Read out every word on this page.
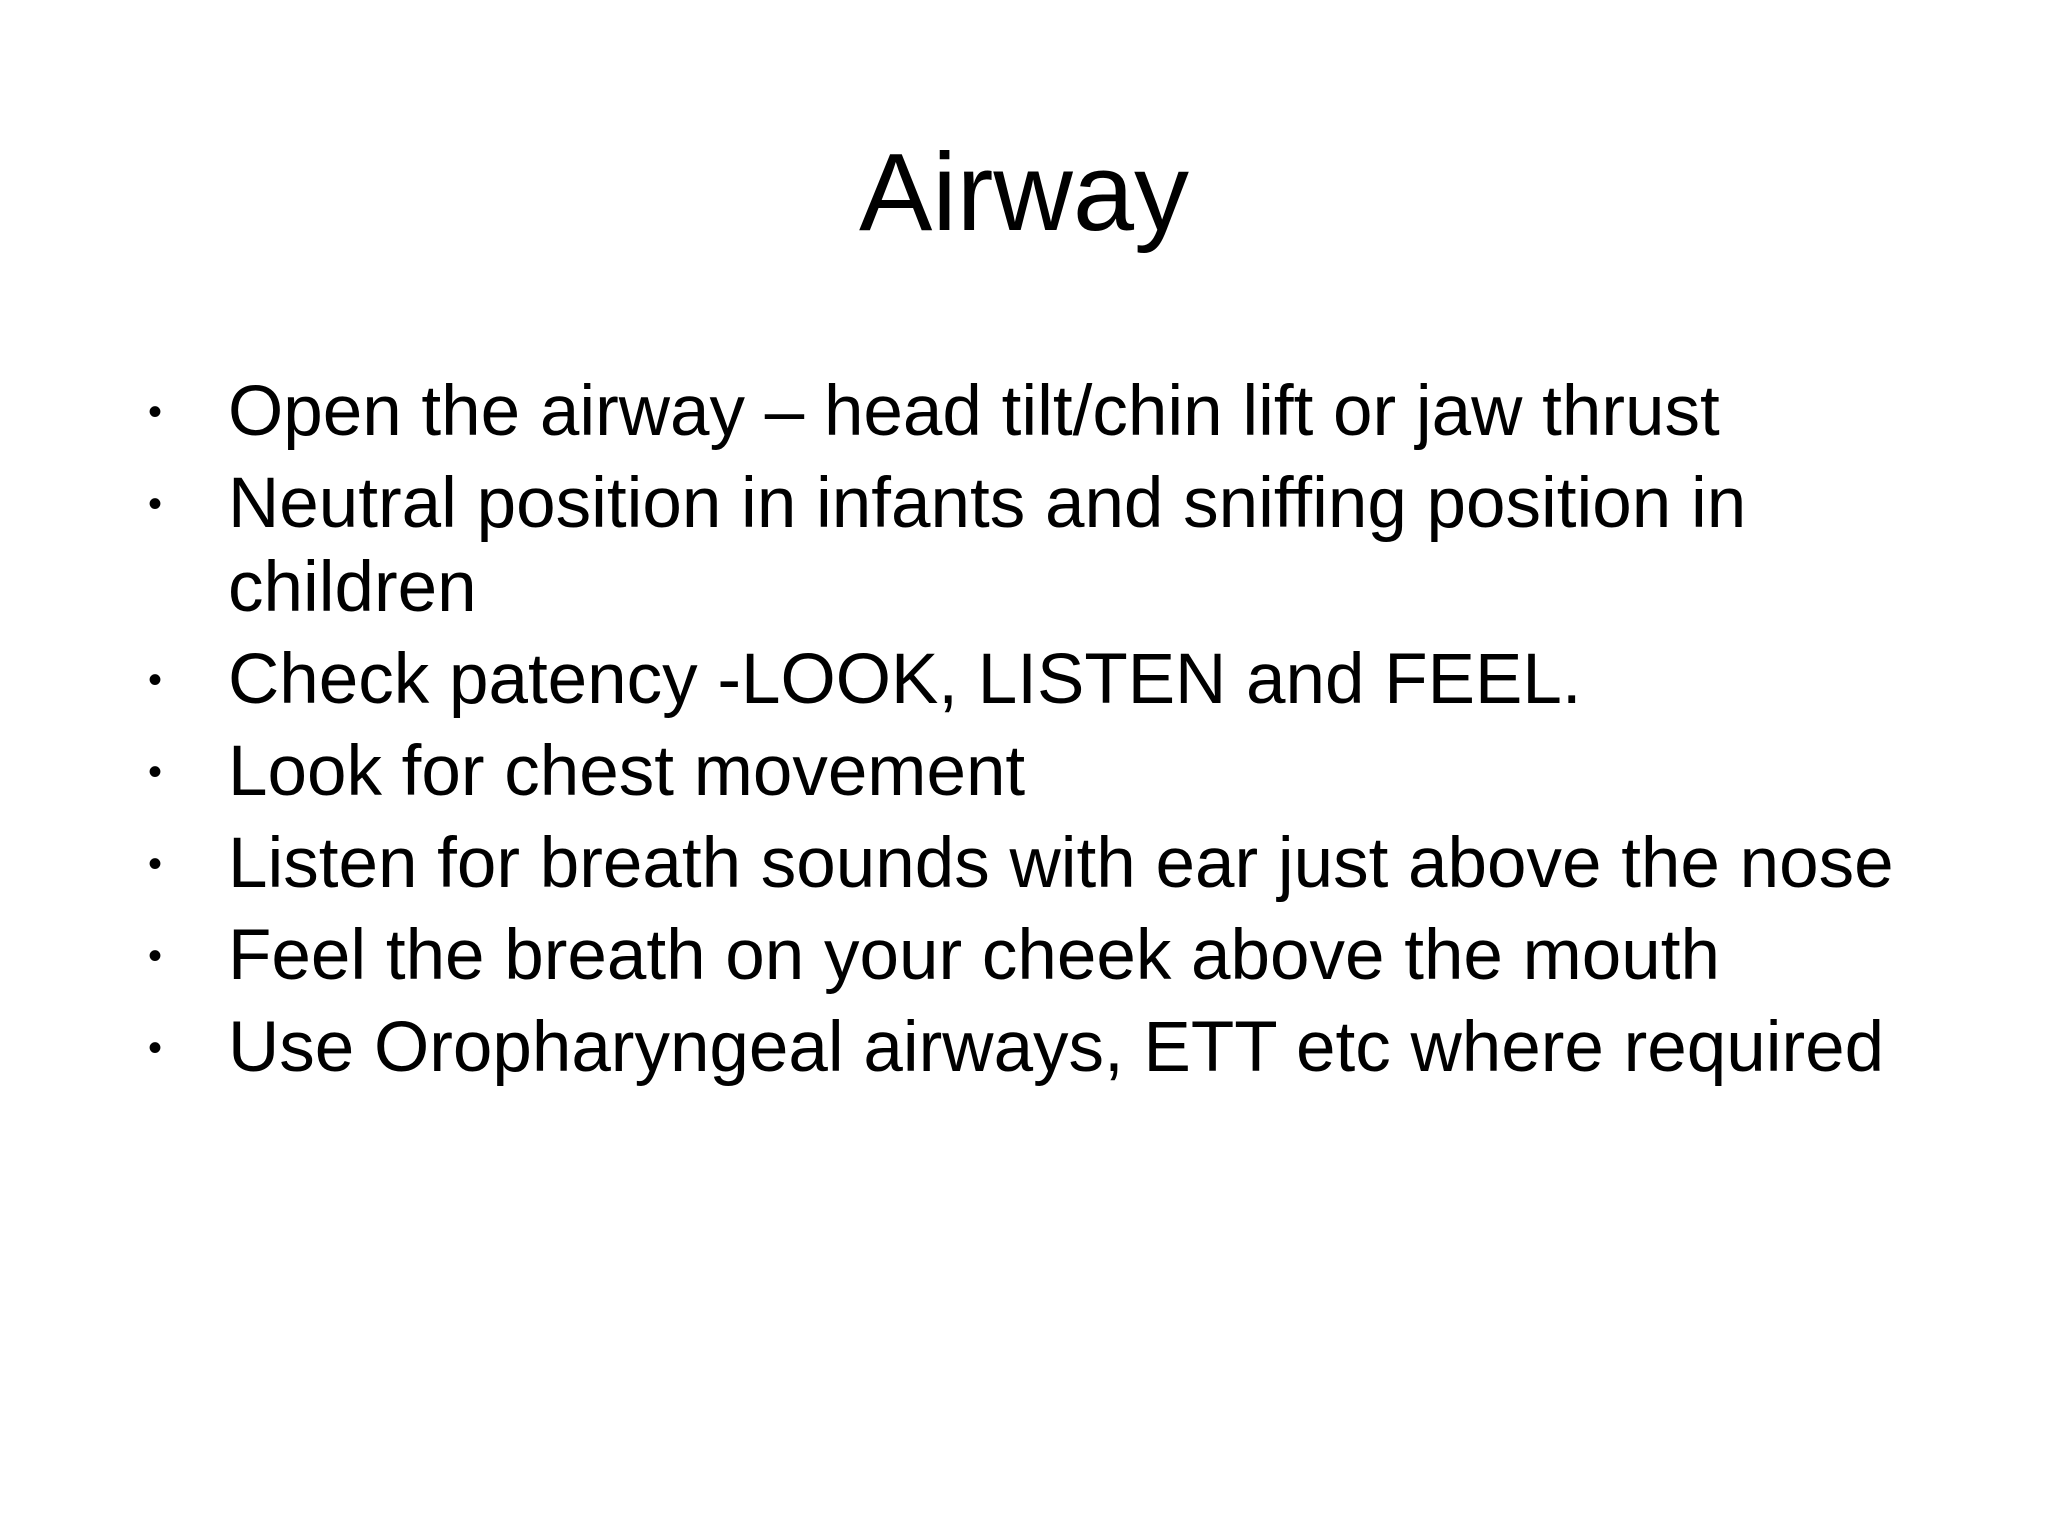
Airway
• Open the airway – head tilt/chin lift or jaw thrust
• Neutral position in infants and sniffing position in children
• Check patency -LOOK, LISTEN and FEEL.
• Look for chest movement
• Listen for breath sounds with ear just above the nose
• Feel the breath on your cheek above the mouth
• Use Oropharyngeal airways, ETT etc where required
